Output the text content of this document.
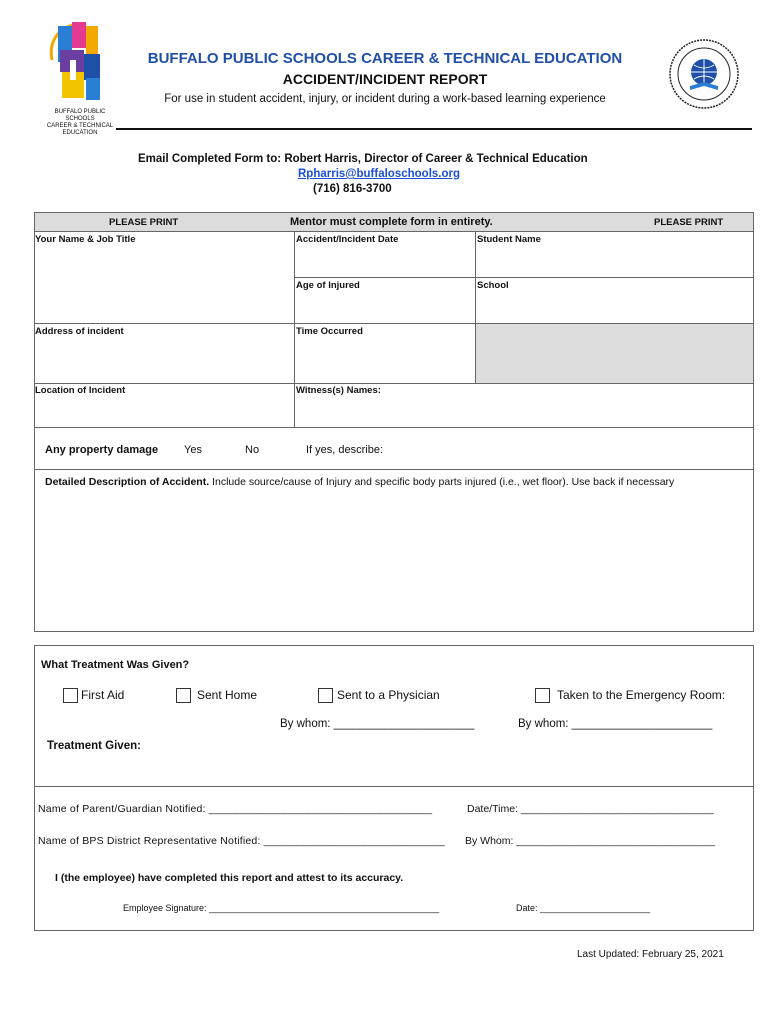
BUFFALO PUBLIC SCHOOLS
CAREER & TECHNICAL
EDUCATION
BUFFALO PUBLIC SCHOOLS CAREER & TECHNICAL EDUCATION
ACCIDENT/INCIDENT REPORT
For use in student accident, injury, or incident during a work-based learning experience
Email Completed Form to: Robert Harris, Director of Career & Technical Education
Rpharris@buffaloschools.org
(716) 816-3700
PLEASE PRINT	Mentor must complete form in entirety.	PLEASE PRINT
Your Name & Job Title	Accident/Incident Date	Student Name
Age of Injured	School
Address of incident	Time Occurred
Location of Incident	Witness(s) Names:
Any property damage Yes	No	If yes, describe:
Detailed Description of Accident. Include source/cause of Injury and specific body parts injured (i.e., wet floor). Use back if necessary
What Treatment Was Given?
First Aid	Sent Home	Sent to a Physician	Taken to the Emergency Room:
By whom: ______________________	By whom: ______________________
Treatment Given:
Name of Parent/Guardian Notified: _____________________________________	Date/Time: _________________________________
Name of BPS District Representative Notified: ______________________________ By Whom: __________________________________
I (the employee) have completed this report and attest to its accuracy.
Employee Signature: ______________________________________________	Date: ______________________
Last Updated: February 25, 2021
